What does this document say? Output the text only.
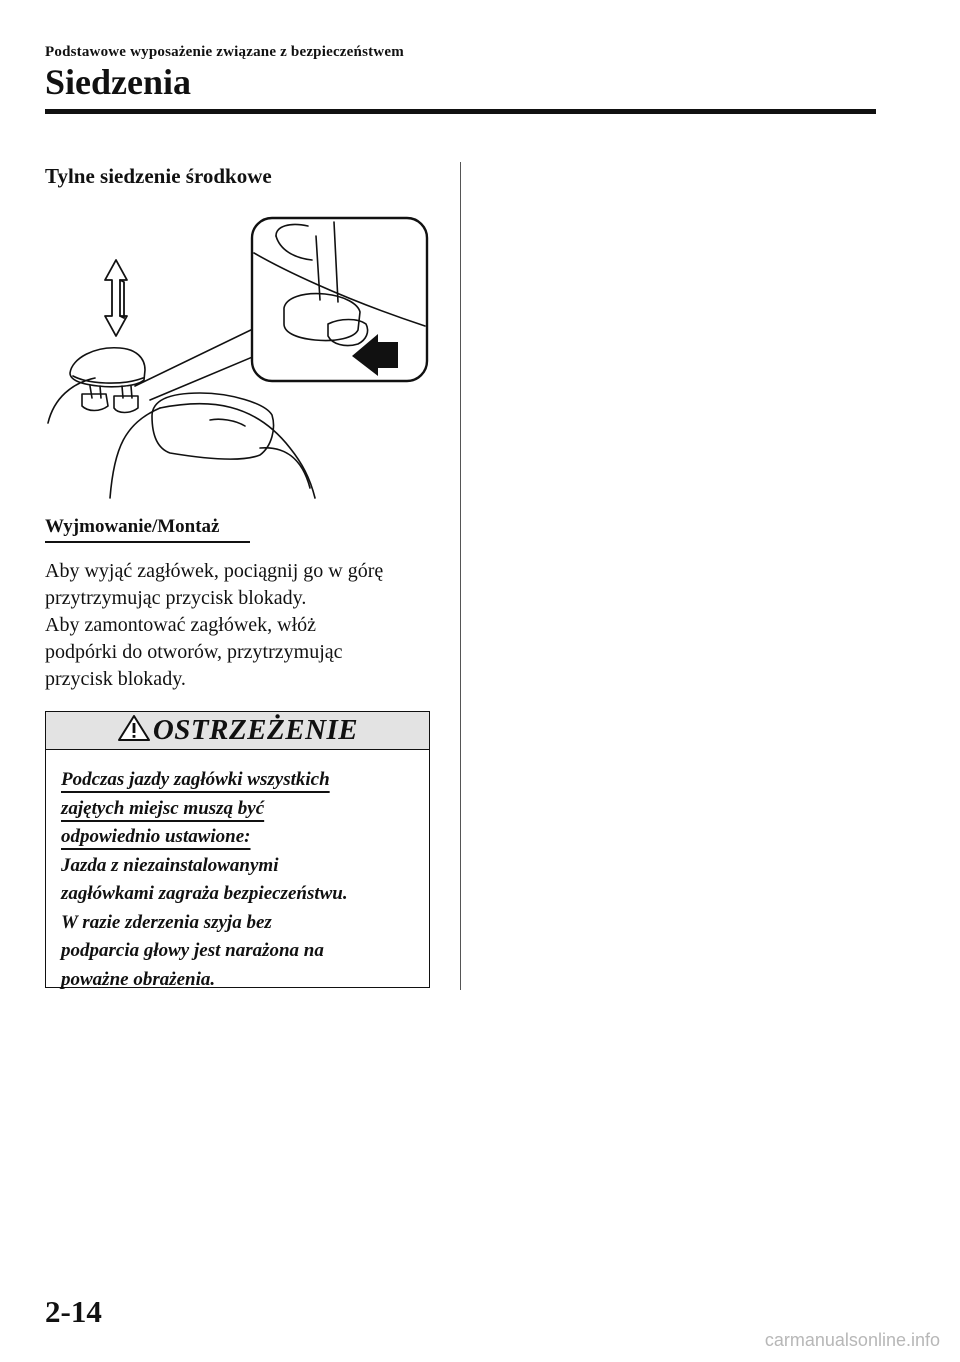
Podstawowe wyposażenie związane z bezpieczeństwem
Siedzenia
Tylne siedzenie środkowe
Wyjmowanie/Montaż

Aby wyjąć zagłówek, pociągnij go w górę

przytrzymując przycisk blokady.

Aby zamontować zagłówek, włóż

podpórki do otworów, przytrzymując

przycisk blokady.

OSTRZEŻENIE

Podczas jazdy zagłówki wszystkich

zajętych miejsc muszą być

odpowiednio ustawione:

Jazda z niezainstalowanymi

zagłówkami zagraża bezpieczeństwu.

W razie zderzenia szyja bez

podparcia głowy jest narażona na

poważne obrażenia.

2-14
carmanualsonline.info
